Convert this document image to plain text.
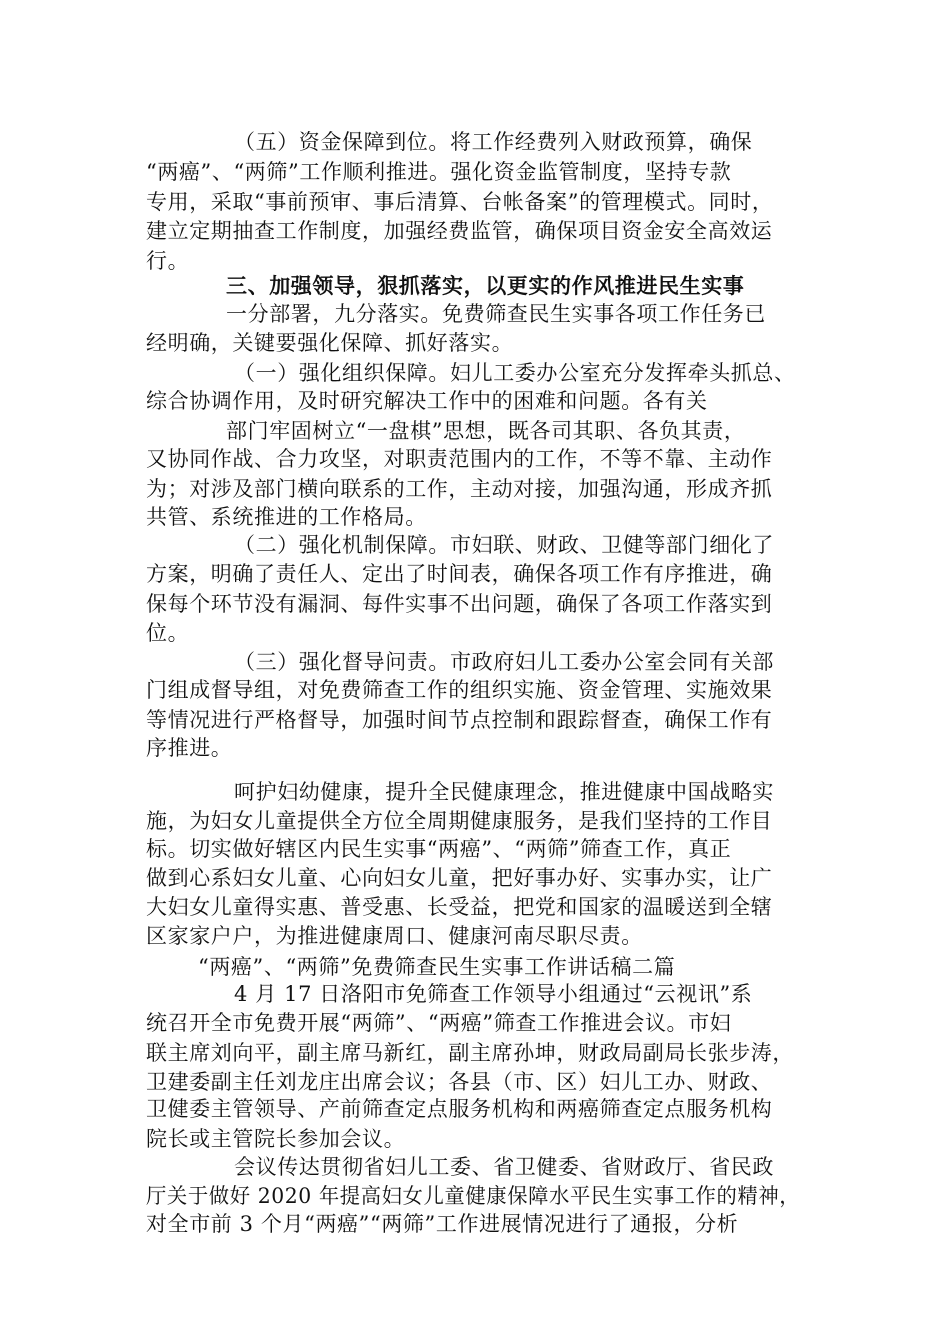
（五）资金保障到位。将工作经费列入财政预算，确保
“两癌”、“两筛”工作顺利推进。强化资金监管制度，坚持专款
专用，采取“事前预审、事后清算、台帐备案”的管理模式。同时，
建立定期抽查工作制度，加强经费监管，确保项目资金安全高效运
行。
三、加强领导，狠抓落实，以更实的作风推进民生实事
一分部署，九分落实。免费筛查民生实事各项工作任务已
经明确，关键要强化保障、抓好落实。
（一）强化组织保障。妇儿工委办公室充分发挥牵头抓总、
综合协调作用，及时研究解决工作中的困难和问题。各有关
部门牢固树立“一盘棋”思想，既各司其职、各负其责，
又协同作战、合力攻坚，对职责范围内的工作，不等不靠、主动作
为；对涉及部门横向联系的工作，主动对接，加强沟通，形成齐抓
共管、系统推进的工作格局。
（二）强化机制保障。市妇联、财政、卫健等部门细化了
方案，明确了责任人、定出了时间表，确保各项工作有序推进，确
保每个环节没有漏洞、每件实事不出问题，确保了各项工作落实到
位。
（三）强化督导问责。市政府妇儿工委办公室会同有关部
门组成督导组，对免费筛查工作的组织实施、资金管理、实施效果
等情况进行严格督导，加强时间节点控制和跟踪督查，确保工作有
序推进。
呵护妇幼健康，提升全民健康理念，推进健康中国战略实
施，为妇女儿童提供全方位全周期健康服务，是我们坚持的工作目
标。切实做好辖区内民生实事“两癌”、“两筛”筛查工作，真正
做到心系妇女儿童、心向妇女儿童，把好事办好、实事办实，让广
大妇女儿童得实惠、普受惠、长受益，把党和国家的温暖送到全辖
区家家户户，为推进健康周口、健康河南尽职尽责。
“两癌”、“两筛”免费筛查民生实事工作讲话稿二篇
4 月 17 日洛阳市免筛查工作领导小组通过“云视讯”系
统召开全市免费开展“两筛”、“两癌”筛查工作推进会议。市妇
联主席刘向平，副主席马新红，副主席孙坤，财政局副局长张步涛，
卫建委副主任刘龙庄出席会议；各县（市、区）妇儿工办、财政、
卫健委主管领导、产前筛查定点服务机构和两癌筛查定点服务机构
院长或主管院长参加会议。
会议传达贯彻省妇儿工委、省卫健委、省财政厅、省民政
厅关于做好 2020 年提高妇女儿童健康保障水平民生实事工作的精神，
对全市前 3 个月“两癌”“两筛”工作进展情况进行了通报，分析
